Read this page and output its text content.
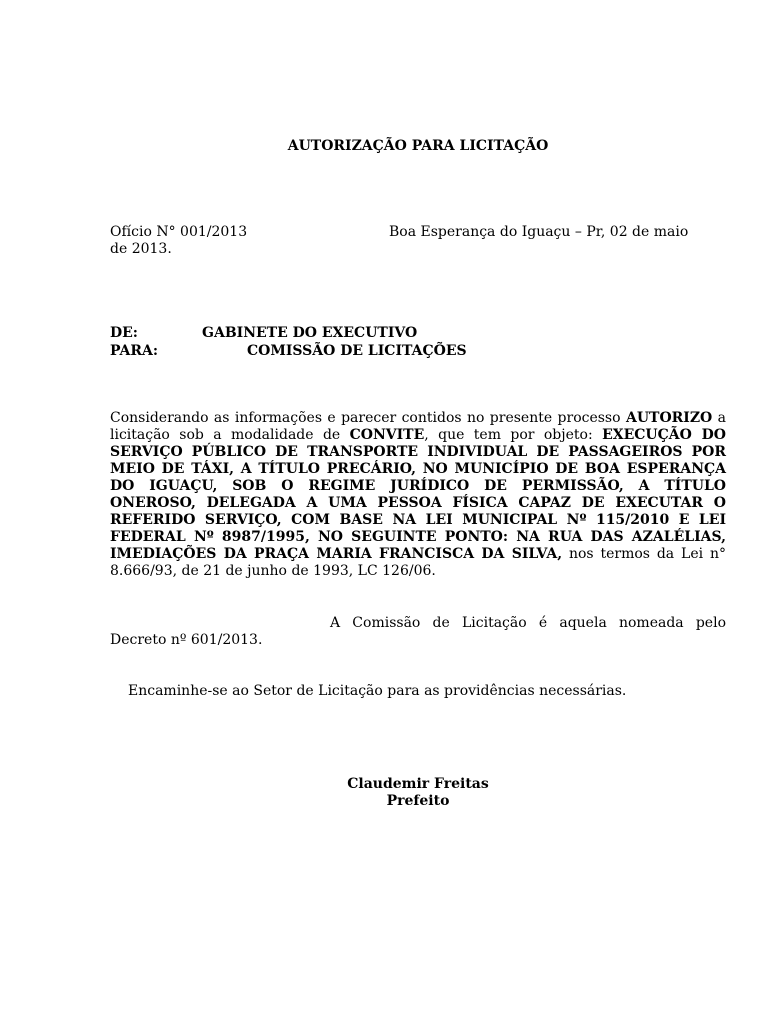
AUTORIZAÇÃO PARA LICITAÇÃO
Ofício N° 001/2013	Boa Esperança do Iguaçu – Pr, 02 de maio
de 2013.
DE:	GABINETE DO EXECUTIVO
PARA:	COMISSÃO DE LICITAÇÕES
Considerando as informações e parecer contidos no presente processo AUTORIZO a licitação sob a modalidade de CONVITE, que tem por objeto: EXECUÇÃO DO SERVIÇO PÚBLICO DE TRANSPORTE INDIVIDUAL DE PASSAGEIROS POR MEIO DE TÁXI, A TÍTULO PRECÁRIO, NO MUNICÍPIO DE BOA ESPERANÇA DO IGUAÇU, SOB O REGIME JURÍDICO DE PERMISSÃO, A TÍTULO ONEROSO, DELEGADA A UMA PESSOA FÍSICA CAPAZ DE EXECUTAR O REFERIDO SERVIÇO, COM BASE NA LEI MUNICIPAL Nº 115/2010 E LEI FEDERAL Nº 8987/1995, NO SEGUINTE PONTO: NA RUA DAS AZALÉLIAS, IMEDIAÇÕES DA PRAÇA MARIA FRANCISCA DA SILVA, nos termos da Lei n° 8.666/93, de 21 de junho de 1993, LC 126/06.
A Comissão de Licitação é aquela nomeada pelo Decreto nº 601/2013.
Encaminhe-se ao Setor de Licitação para as providências necessárias.
Claudemir Freitas
Prefeito
